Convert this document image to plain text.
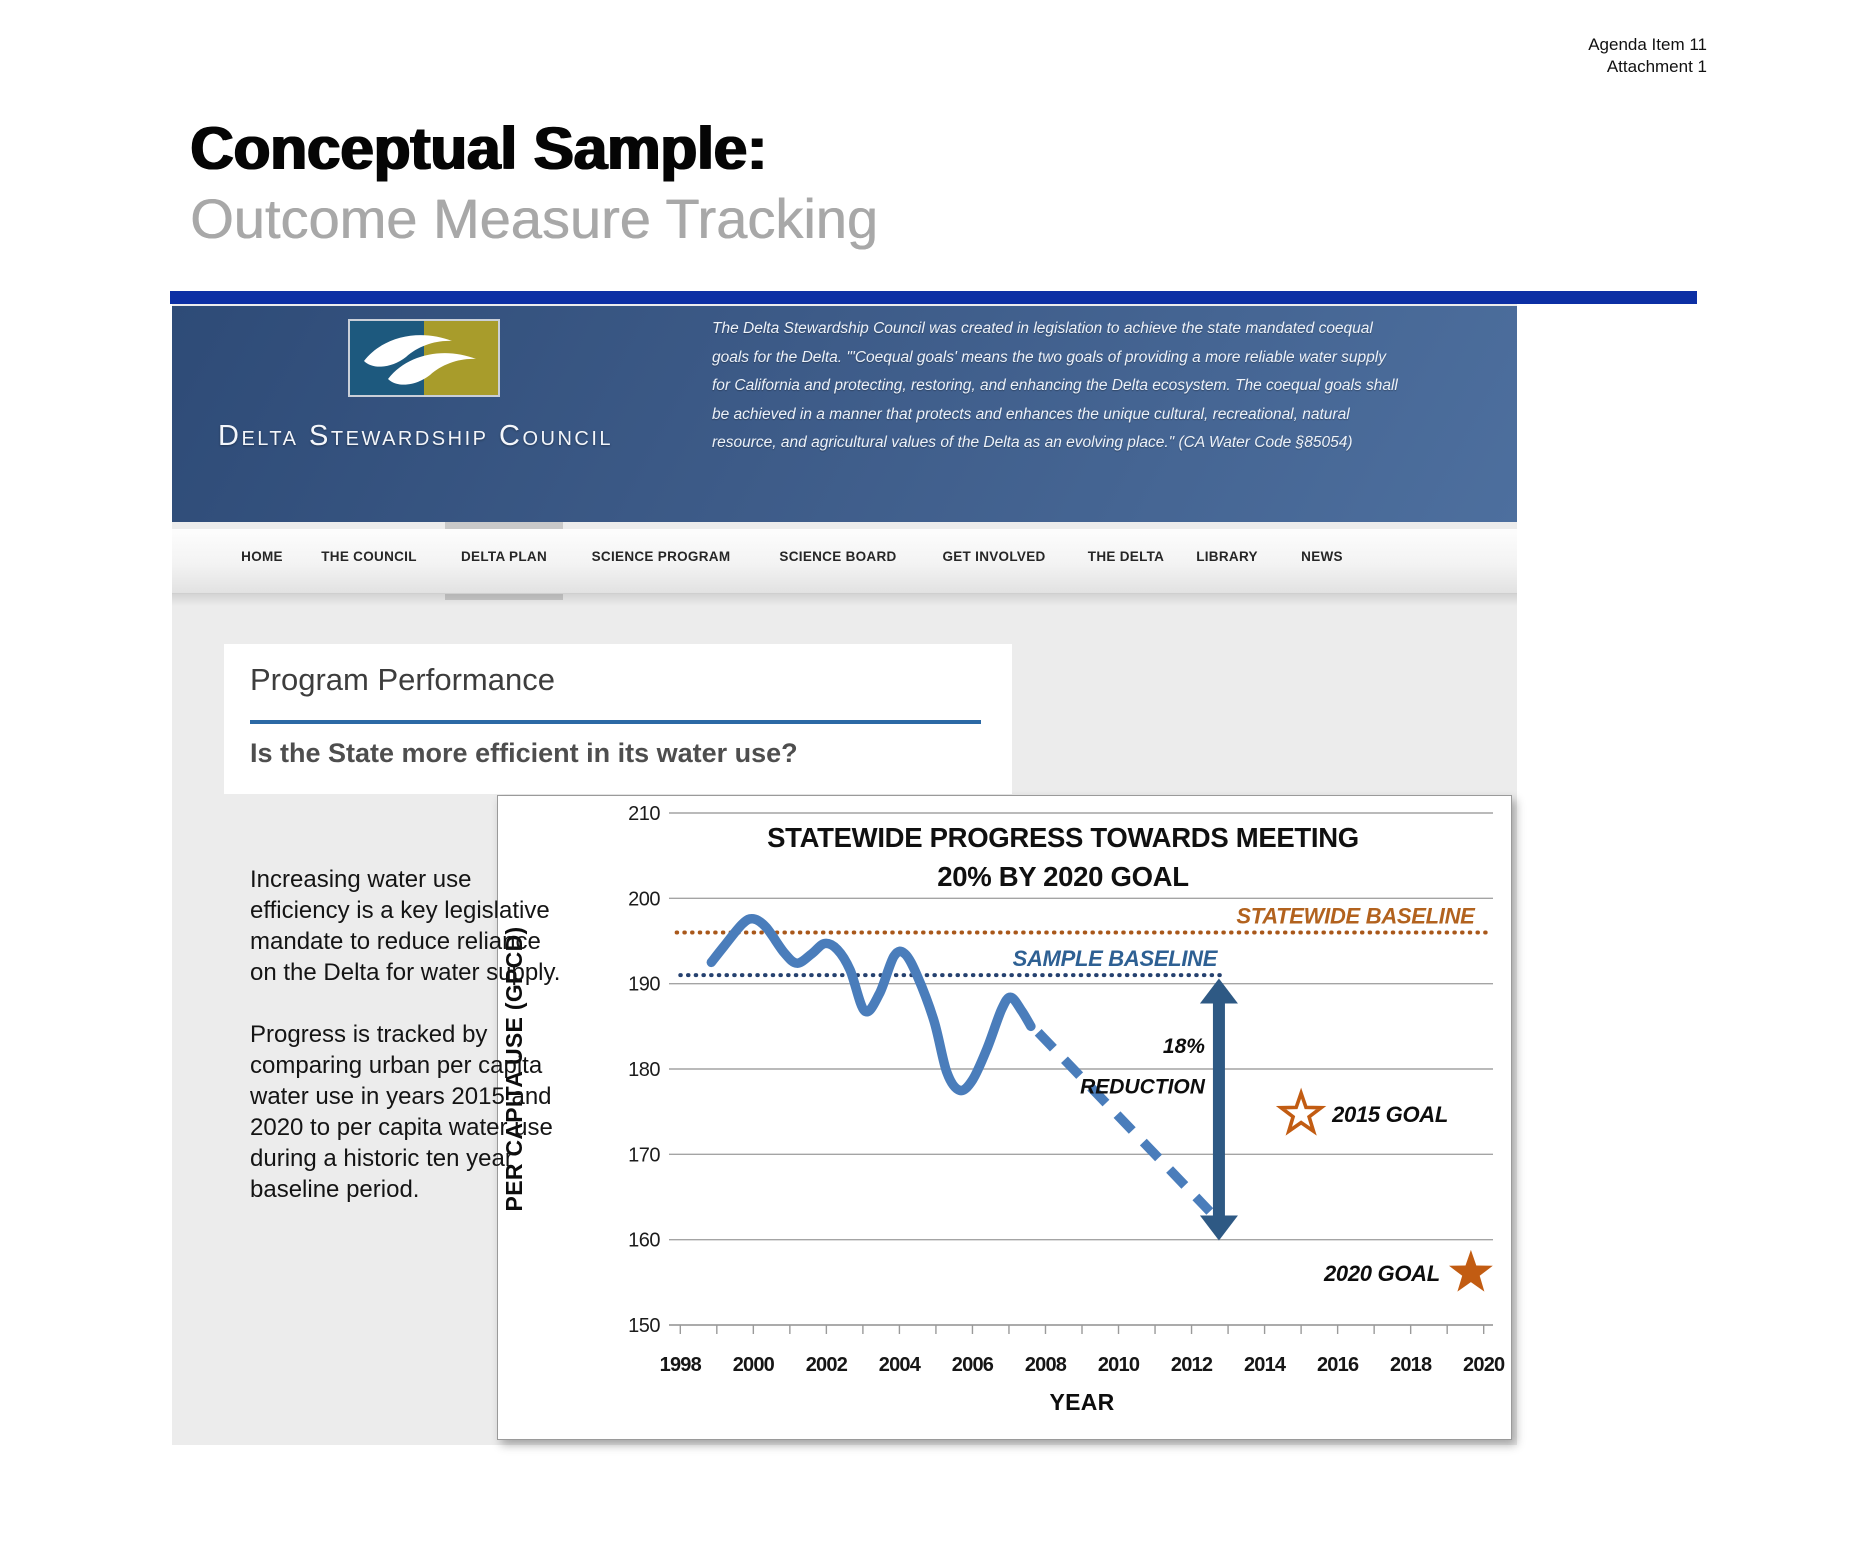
Agenda Item 11
Attachment 1
Conceptual Sample:
Outcome Measure Tracking
Delta Stewardship Council
The Delta Stewardship Council was created in legislation to achieve the state mandated coequal
goals for the Delta. "'Coequal goals' means the two goals of providing a more reliable water supply
for California and protecting, restoring, and enhancing the Delta ecosystem. The coequal goals shall
be achieved in a manner that protects and enhances the unique cultural, recreational, natural
resource, and agricultural values of the Delta as an evolving place." (CA Water Code §85054)
HOME	THE COUNCIL	DELTA PLAN	SCIENCE PROGRAM	SCIENCE BOARD	GET INVOLVED	THE DELTA LIBRARY	NEWS
150
160
170
180
190
200
210
1998 2000 2002 2004 2006 2008 2010 2012 2014 2016 2018 2020
STATEWIDE PROGRESS TOWARDS MEETING
20% BY 2020 GOAL
PER CAPITA USE (GPCD)
YEAR
STATEWIDE BASELINE
SAMPLE BASELINE
18%
REDUCTION
2015 GOAL
2020 GOAL
Program Performance
Is the State more efficient in its water use?

Increasing water use efficiency is a key legislative mandate to reduce reliance on the Delta for water supply.

Progress is tracked by comparing urban per capita water use in years 2015 and 2020 to per capita water use during a historic ten year baseline period.
